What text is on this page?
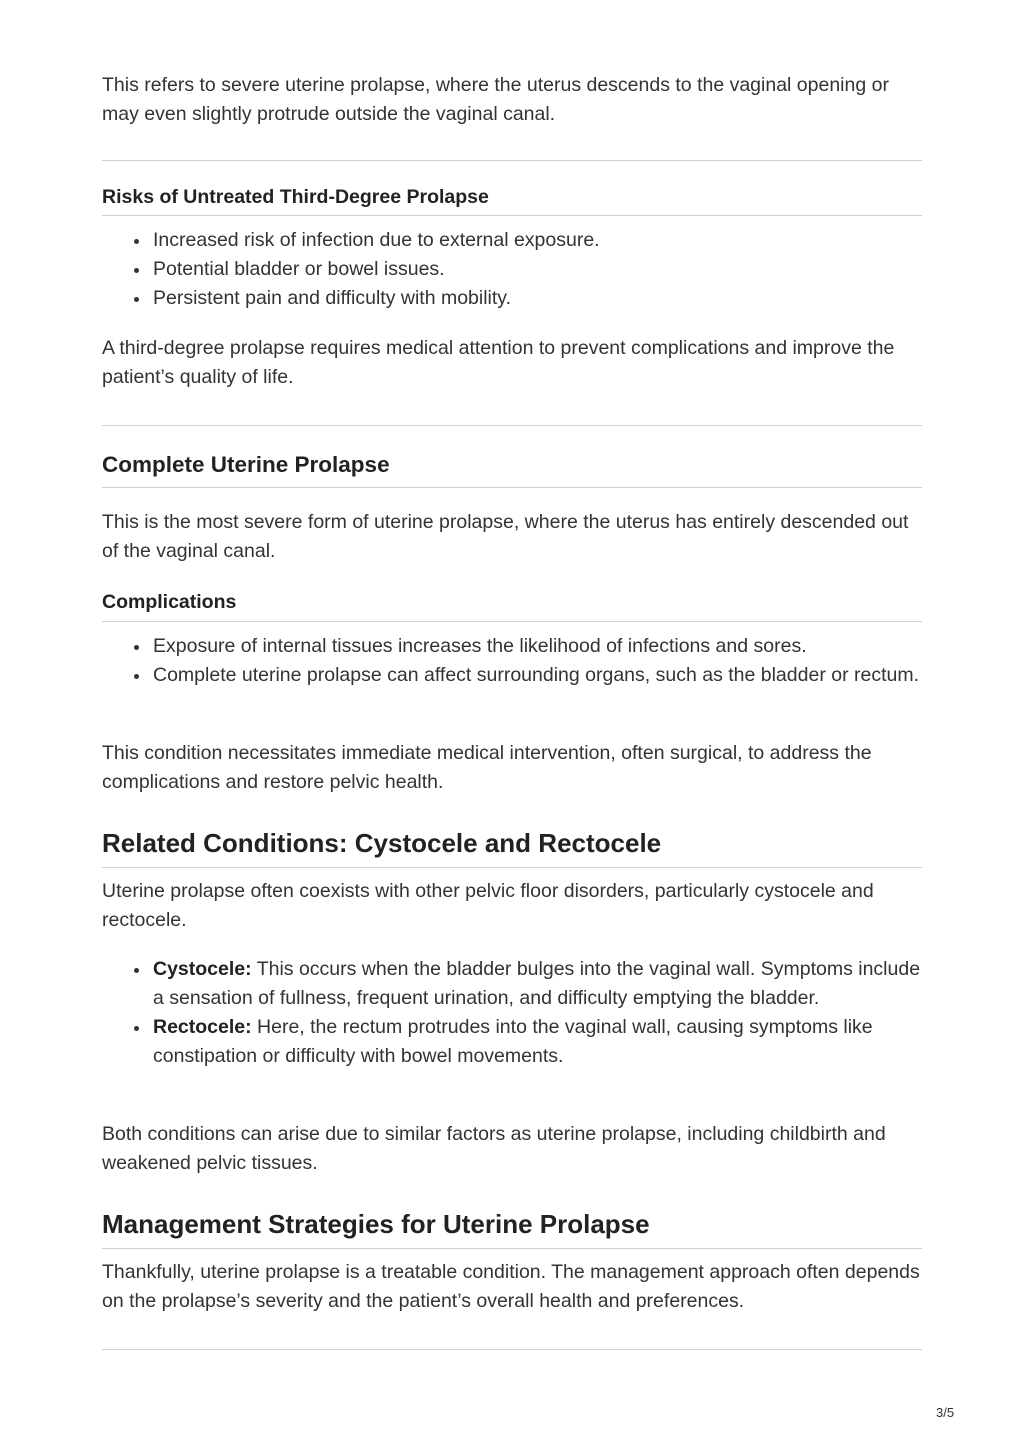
This refers to severe uterine prolapse, where the uterus descends to the vaginal opening or may even slightly protrude outside the vaginal canal.

Risks of Untreated Third-Degree Prolapse
Increased risk of infection due to external exposure.
Potential bladder or bowel issues.
Persistent pain and difficulty with mobility.

A third-degree prolapse requires medical attention to prevent complications and improve the patient’s quality of life.

Complete Uterine Prolapse

This is the most severe form of uterine prolapse, where the uterus has entirely descended out of the vaginal canal.

Complications
Exposure of internal tissues increases the likelihood of infections and sores.
Complete uterine prolapse can affect surrounding organs, such as the bladder or rectum.

This condition necessitates immediate medical intervention, often surgical, to address the complications and restore pelvic health.

Related Conditions: Cystocele and Rectocele

Uterine prolapse often coexists with other pelvic floor disorders, particularly cystocele and rectocele.

Cystocele: This occurs when the bladder bulges into the vaginal wall. Symptoms include a sensation of fullness, frequent urination, and difficulty emptying the bladder.
Rectocele: Here, the rectum protrudes into the vaginal wall, causing symptoms like constipation or difficulty with bowel movements.

Both conditions can arise due to similar factors as uterine prolapse, including childbirth and weakened pelvic tissues.

Management Strategies for Uterine Prolapse

Thankfully, uterine prolapse is a treatable condition. The management approach often depends on the prolapse’s severity and the patient’s overall health and preferences.

3/5
